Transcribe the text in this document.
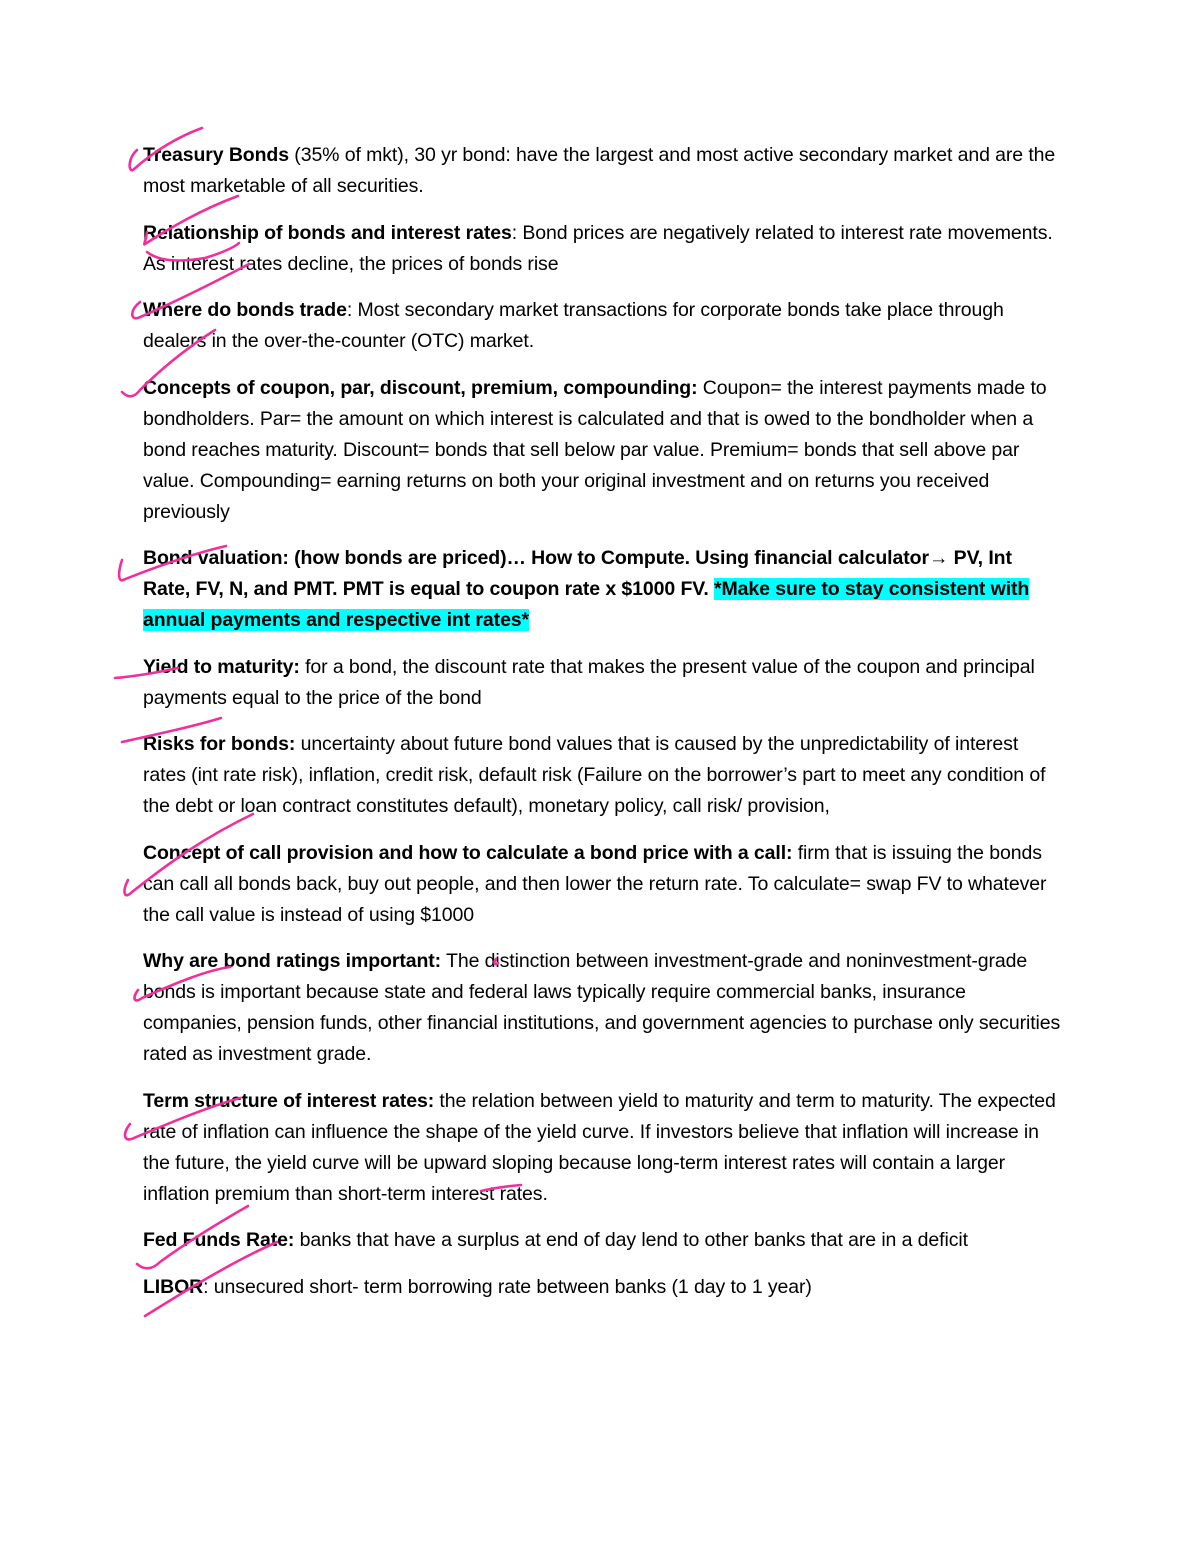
Treasury Bonds (35% of mkt), 30 yr bond: have the largest and most active secondary market and are the most marketable of all securities.

Relationship of bonds and interest rates: Bond prices are negatively related to interest rate movements. As interest rates decline, the prices of bonds rise

Where do bonds trade: Most secondary market transactions for corporate bonds take place through dealers in the over-the-counter (OTC) market.

Concepts of coupon, par, discount, premium, compounding: Coupon= the interest payments made to bondholders. Par= the amount on which interest is calculated and that is owed to the bondholder when a bond reaches maturity. Discount= bonds that sell below par value. Premium= bonds that sell above par value. Compounding= earning returns on both your original investment and on returns you received previously

Bond valuation: (how bonds are priced)… How to Compute. Using financial calculator→ PV, Int Rate, FV, N, and PMT. PMT is equal to coupon rate x $1000 FV. *Make sure to stay consistent with annual payments and respective int rates*

Yield to maturity: for a bond, the discount rate that makes the present value of the coupon and principal payments equal to the price of the bond

Risks for bonds: uncertainty about future bond values that is caused by the unpredictability of interest rates (int rate risk), inflation, credit risk, default risk (Failure on the borrower’s part to meet any condition of the debt or loan contract constitutes default), monetary policy, call risk/ provision,

Concept of call provision and how to calculate a bond price with a call: firm that is issuing the bonds can call all bonds back, buy out people, and then lower the return rate. To calculate= swap FV to whatever the call value is instead of using $1000

Why are bond ratings important: The distinction between investment-grade and noninvestment-grade bonds is important because state and federal laws typically require commercial banks, insurance companies, pension funds, other financial institutions, and government agencies to purchase only securities rated as investment grade.

Term structure of interest rates: the relation between yield to maturity and term to maturity. The expected rate of inflation can influence the shape of the yield curve. If investors believe that inflation will increase in the future, the yield curve will be upward sloping because long-term interest rates will contain a larger inflation premium than short-term interest rates.

Fed Funds Rate: banks that have a surplus at end of day lend to other banks that are in a deficit

LIBOR: unsecured short- term borrowing rate between banks (1 day to 1 year)
